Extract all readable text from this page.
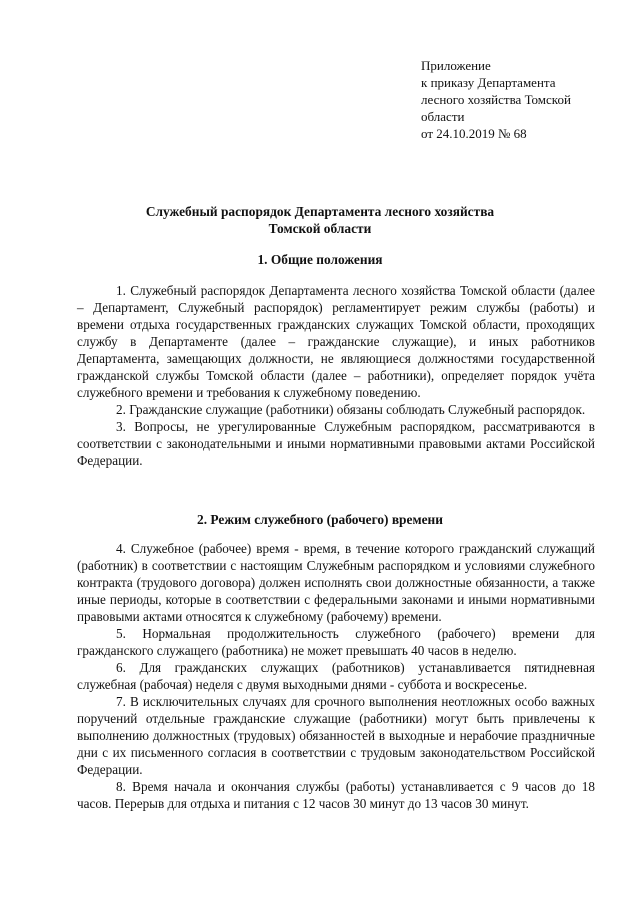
Приложение
к приказу Департамента
лесного хозяйства Томской
области
от 24.10.2019 № 68
Служебный распорядок Департамента лесного хозяйства
Томской области
1. Общие положения

1. Служебный распорядок Департамента лесного хозяйства Томской области (далее – Департамент, Служебный распорядок) регламентирует режим службы (работы) и времени отдыха государственных гражданских служащих Томской области, проходящих службу в Департаменте (далее – гражданские служащие), и иных работников Департамента, замещающих должности, не являющиеся должностями государственной гражданской службы Томской области (далее – работники), определяет порядок учёта служебного времени и требования к служебному поведению.

2. Гражданские служащие (работники) обязаны соблюдать Служебный распорядок.

3. Вопросы, не урегулированные Служебным распорядком, рассматриваются в соответствии с законодательными и иными нормативными правовыми актами Российской Федерации.

2. Режим служебного (рабочего) времени

4. Служебное (рабочее) время - время, в течение которого гражданский служащий (работник) в соответствии с настоящим Служебным распорядком и условиями служебного контракта (трудового договора) должен исполнять свои должностные обязанности, а также иные периоды, которые в соответствии с федеральными законами и иными нормативными правовыми актами относятся к служебному (рабочему) времени.

5. Нормальная продолжительность служебного (рабочего) времени для гражданского служащего (работника) не может превышать 40 часов в неделю.

6. Для гражданских служащих (работников) устанавливается пятидневная служебная (рабочая) неделя с двумя выходными днями - суббота и воскресенье.

7. В исключительных случаях для срочного выполнения неотложных особо важных поручений отдельные гражданские служащие (работники) могут быть привлечены к выполнению должностных (трудовых) обязанностей в выходные и нерабочие праздничные дни с их письменного согласия в соответствии с трудовым законодательством Российской Федерации.

8. Время начала и окончания службы (работы) устанавливается с 9 часов до 18 часов. Перерыв для отдыха и питания с 12 часов 30 минут до 13 часов 30 минут.
